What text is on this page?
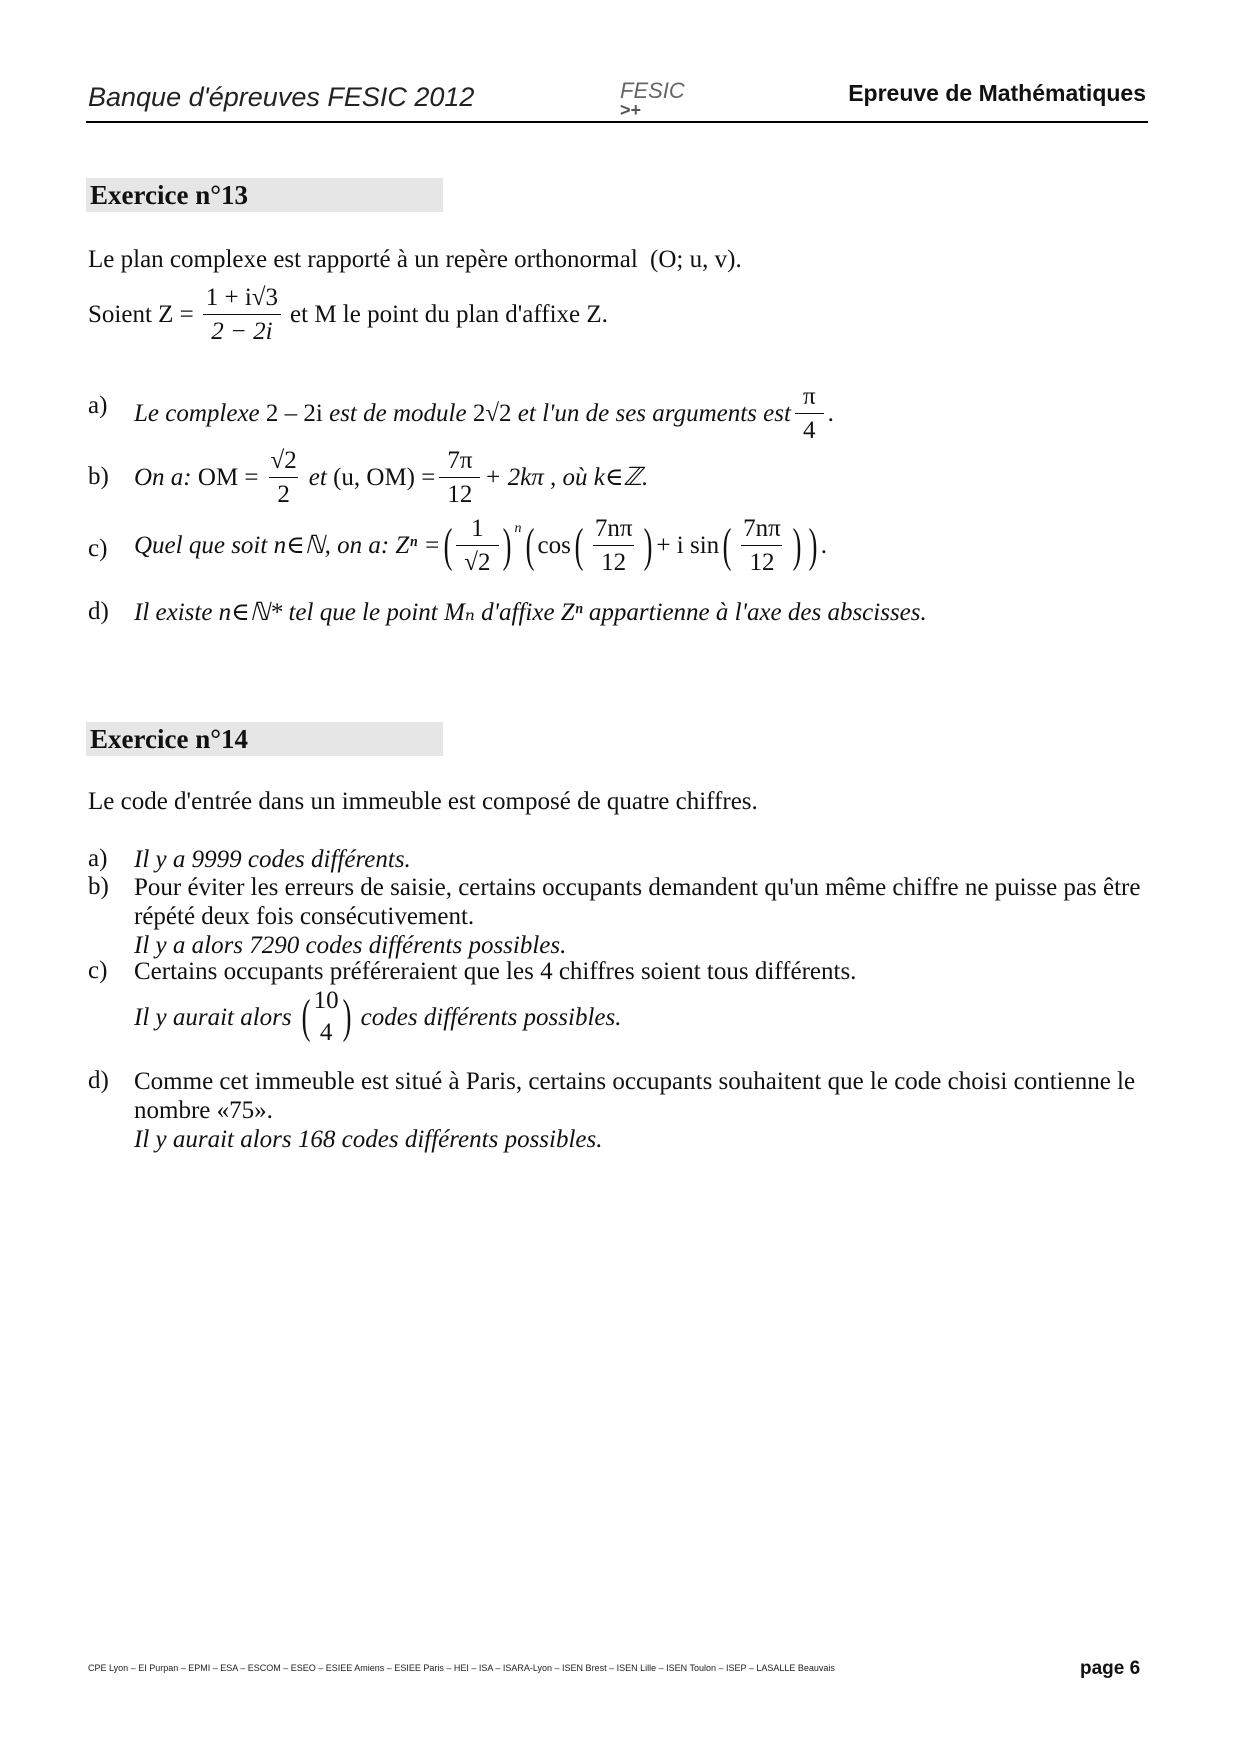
Banque d'épreuves FESIC 2012	FESIC
>+
Epreuve de Mathématiques
Exercice n°13
Le plan complexe est rapporté à un repère orthonormal (O; u, v).
Soient $Z = \frac{1 + i√3}{2 - 2i}$ et M le point du plan d'affixe Z.
a) Le complexe
2 – 2i
est de module
2√2
et l'un de ses arguments est $\frac{\pi}{4}$ .
b) On a:
OM = $\frac{√2}{2}$ et
(u, $OM) = \frac{7\pi}{12} + 2k\pi$ , où k∈ℤ.
c) Quel que soit n∈ℕ, on a: Zⁿ = ( $\frac{1}{√2}$ ) $^n$ ( cos ( $\frac{7n\pi}{12}$ ) + i sin ( $\frac{7n\pi}{12}$ ) ) .
d) Il existe n∈ℕ* tel que le point Mₙ d'affixe Zⁿ appartienne à l'axe des abscisses.
Exercice n°14
Le code d'entrée dans un immeuble est composé de quatre chiffres.
a) Il y a 9999 codes différents.
b) Pour éviter les erreurs de saisie, certains occupants demandent qu'un même chiffre ne puisse pas être
répété deux fois consécutivement.
Il y a alors 7290 codes différents possibles.
c) Certains occupants préféreraient que les 4 chiffres soient tous différents.
Il y aurait alors ( 10
4 ) codes différents possibles.
d) Comme cet immeuble est situé à Paris, certains occupants souhaitent que le code choisi contienne le
nombre «75».
Il y aurait alors 168 codes différents possibles.
CPE Lyon – EI Purpan – EPMI – ESA – ESCOM – ESEO – ESIEE Amiens – ESIEE Paris – HEI – ISA – ISARA-Lyon – ISEN Brest – ISEN Lille – ISEN Toulon – ISEP – LASALLE Beauvais	page 6
